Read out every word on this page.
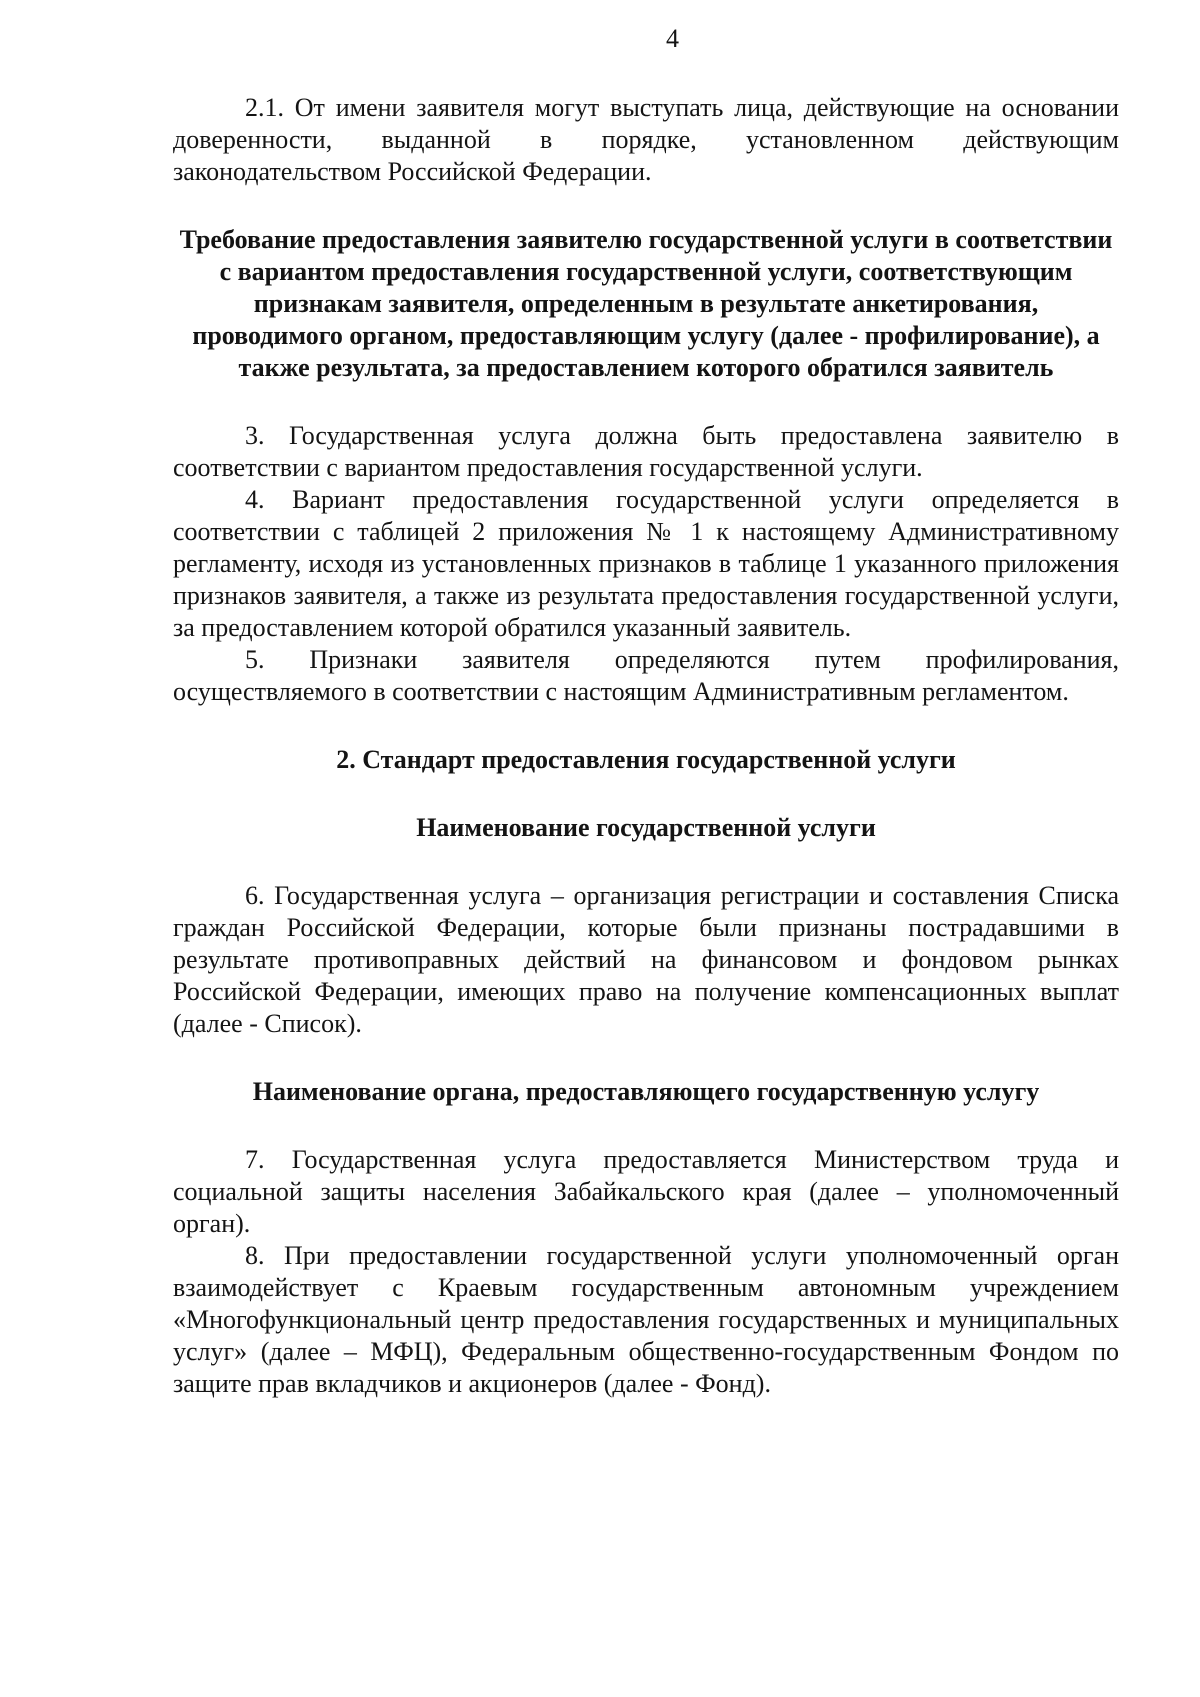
4

2.1. От имени заявителя могут выступать лица, действующие на основании доверенности, выданной в порядке, установленном действующим законодательством Российской Федерации.

Требование предоставления заявителю государственной услуги в соответствии с вариантом предоставления государственной услуги, соответствующим признакам заявителя, определенным в результате анкетирования, проводимого органом, предоставляющим услугу (далее - профилирование), а также результата, за предоставлением которого обратился заявитель

3. Государственная услуга должна быть предоставлена заявителю в соответствии с вариантом предоставления государственной услуги.

4. Вариант предоставления государственной услуги определяется в соответствии с таблицей 2 приложения № 1 к настоящему Административному регламенту, исходя из установленных признаков в таблице 1 указанного приложения признаков заявителя, а также из результата предоставления государственной услуги, за предоставлением которой обратился указанный заявитель.

5. Признаки заявителя определяются путем профилирования, осуществляемого в соответствии с настоящим Административным регламентом.

2. Стандарт предоставления государственной услуги

Наименование государственной услуги

6. Государственная услуга – организация регистрации и составления Списка граждан Российской Федерации, которые были признаны пострадавшими в результате противоправных действий на финансовом и фондовом рынках Российской Федерации, имеющих право на получение компенсационных выплат (далее - Список).

Наименование органа, предоставляющего государственную услугу

7. Государственная услуга предоставляется Министерством труда и социальной защиты населения Забайкальского края (далее – уполномоченный орган).

8. При предоставлении государственной услуги уполномоченный орган взаимодействует с Краевым государственным автономным учреждением «Многофункциональный центр предоставления государственных и муниципальных услуг» (далее – МФЦ), Федеральным общественно-государственным Фондом по защите прав вкладчиков и акционеров (далее - Фонд).
